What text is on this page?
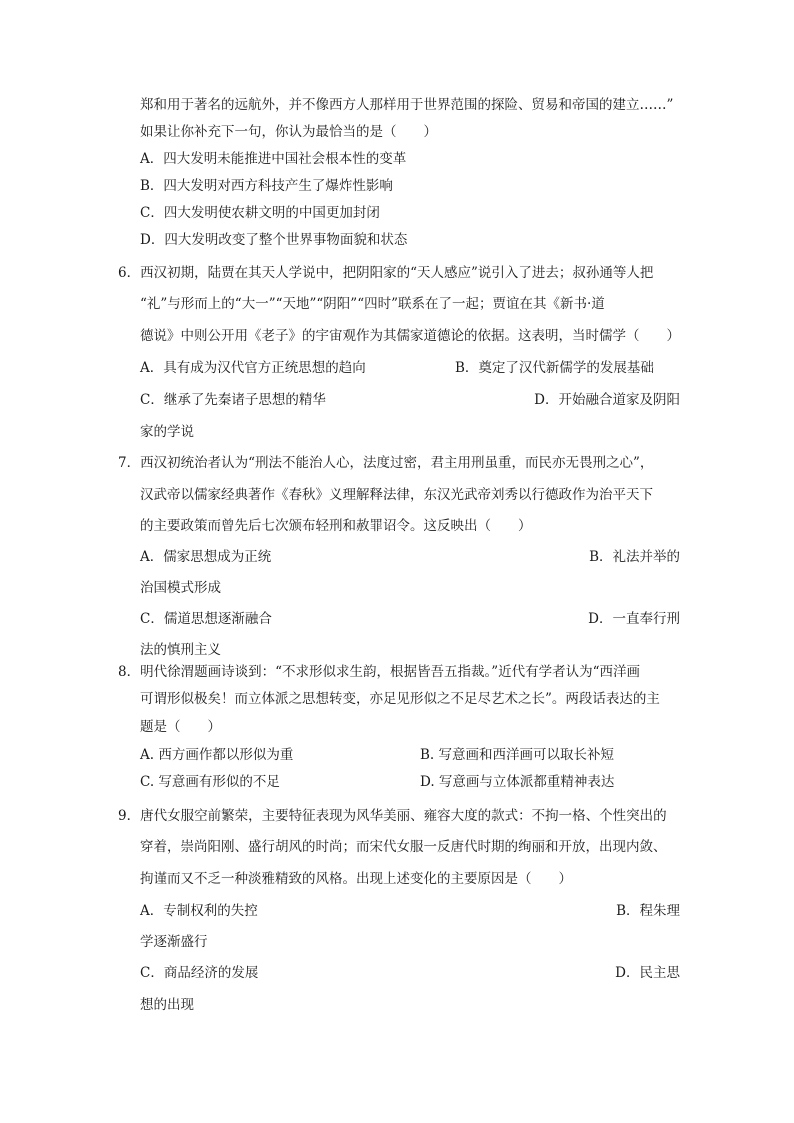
郑和用于著名的远航外，并不像西方人那样用于世界范围的探险、贸易和帝国的建立……”
如果让你补充下一句，你认为最恰当的是（　　）
A．四大发明未能推进中国社会根本性的变革
B．四大发明对西方科技产生了爆炸性影响
C．四大发明使农耕文明的中国更加封闭
D．四大发明改变了整个世界事物面貌和状态
6．西汉初期，陆贾在其天人学说中，把阴阳家的“天人感应”说引入了进去；叔孙通等人把
“礼”与形而上的“大一”“天地”“阴阳”“四时”联系在了一起；贾谊在其《新书·道
德说》中则公开用《老子》的宇宙观作为其儒家道德论的依据。这表明，当时儒学（　　）
A．具有成为汉代官方正统思想的趋向	B．奠定了汉代新儒学的发展基础
C．继承了先秦诸子思想的精华	D．开始融合道家及阴阳
家的学说
7．西汉初统治者认为“刑法不能治人心，法度过密，君主用刑虽重，而民亦无畏刑之心”，
汉武帝以儒家经典著作《春秋》义理解释法律，东汉光武帝刘秀以行德政作为治平天下
的主要政策而曾先后七次颁布轻刑和赦罪诏令。这反映出（　　）
A．儒家思想成为正统	B．礼法并举的
治国模式形成
C．儒道思想逐渐融合	D．一直奉行刑
法的慎刑主义
8．明代徐渭题画诗谈到：“不求形似求生韵，根据皆吾五指裁。”近代有学者认为“西洋画
可谓形似极矣！而立体派之思想转变，亦足见形似之不足尽艺术之长”。两段话表达的主
题是（　　）
A. 西方画作都以形似为重	B. 写意画和西洋画可以取长补短
C. 写意画有形似的不足	D. 写意画与立体派都重精神表达
9．唐代女服空前繁荣，主要特征表现为风华美丽、雍容大度的款式：不拘一格、个性突出的
穿着，崇尚阳刚、盛行胡风的时尚；而宋代女服一反唐代时期的绚丽和开放，出现内敛、
拘谨而又不乏一种淡雅精致的风格。出现上述变化的主要原因是（　　）
A．专制权利的失控	B．程朱理
学逐渐盛行
C．商品经济的发展	D．民主思
想的出现
